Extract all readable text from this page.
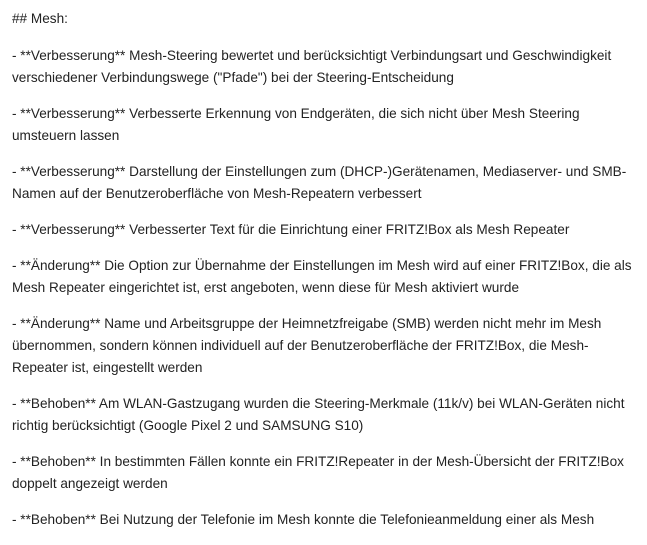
## Mesh:

- **Verbesserung** Mesh-Steering bewertet und berücksichtigt Verbindungsart und Geschwindigkeit verschiedener Verbindungswege ("Pfade") bei der Steering-Entscheidung

- **Verbesserung** Verbesserte Erkennung von Endgeräten, die sich nicht über Mesh Steering umsteuern lassen

- **Verbesserung** Darstellung der Einstellungen zum (DHCP-)Gerätenamen, Mediaserver- und SMB-Namen auf der Benutzeroberfläche von Mesh-Repeatern verbessert

- **Verbesserung** Verbesserter Text für die Einrichtung einer FRITZ!Box als Mesh Repeater

- **Änderung** Die Option zur Übernahme der Einstellungen im Mesh wird auf einer FRITZ!Box, die als Mesh Repeater eingerichtet ist, erst angeboten, wenn diese für Mesh aktiviert wurde

- **Änderung** Name und Arbeitsgruppe der Heimnetzfreigabe (SMB) werden nicht mehr im Mesh übernommen, sondern können individuell auf der Benutzeroberfläche der FRITZ!Box, die Mesh-Repeater ist, eingestellt werden

- **Behoben** Am WLAN-Gastzugang wurden die Steering-Merkmale (11k/v) bei WLAN-Geräten nicht richtig berücksichtigt (Google Pixel 2 und SAMSUNG S10)

- **Behoben** In bestimmten Fällen konnte ein FRITZ!Repeater in der Mesh-Übersicht der FRITZ!Box doppelt angezeigt werden

- **Behoben** Bei Nutzung der Telefonie im Mesh konnte die Telefonieanmeldung einer als Mesh
